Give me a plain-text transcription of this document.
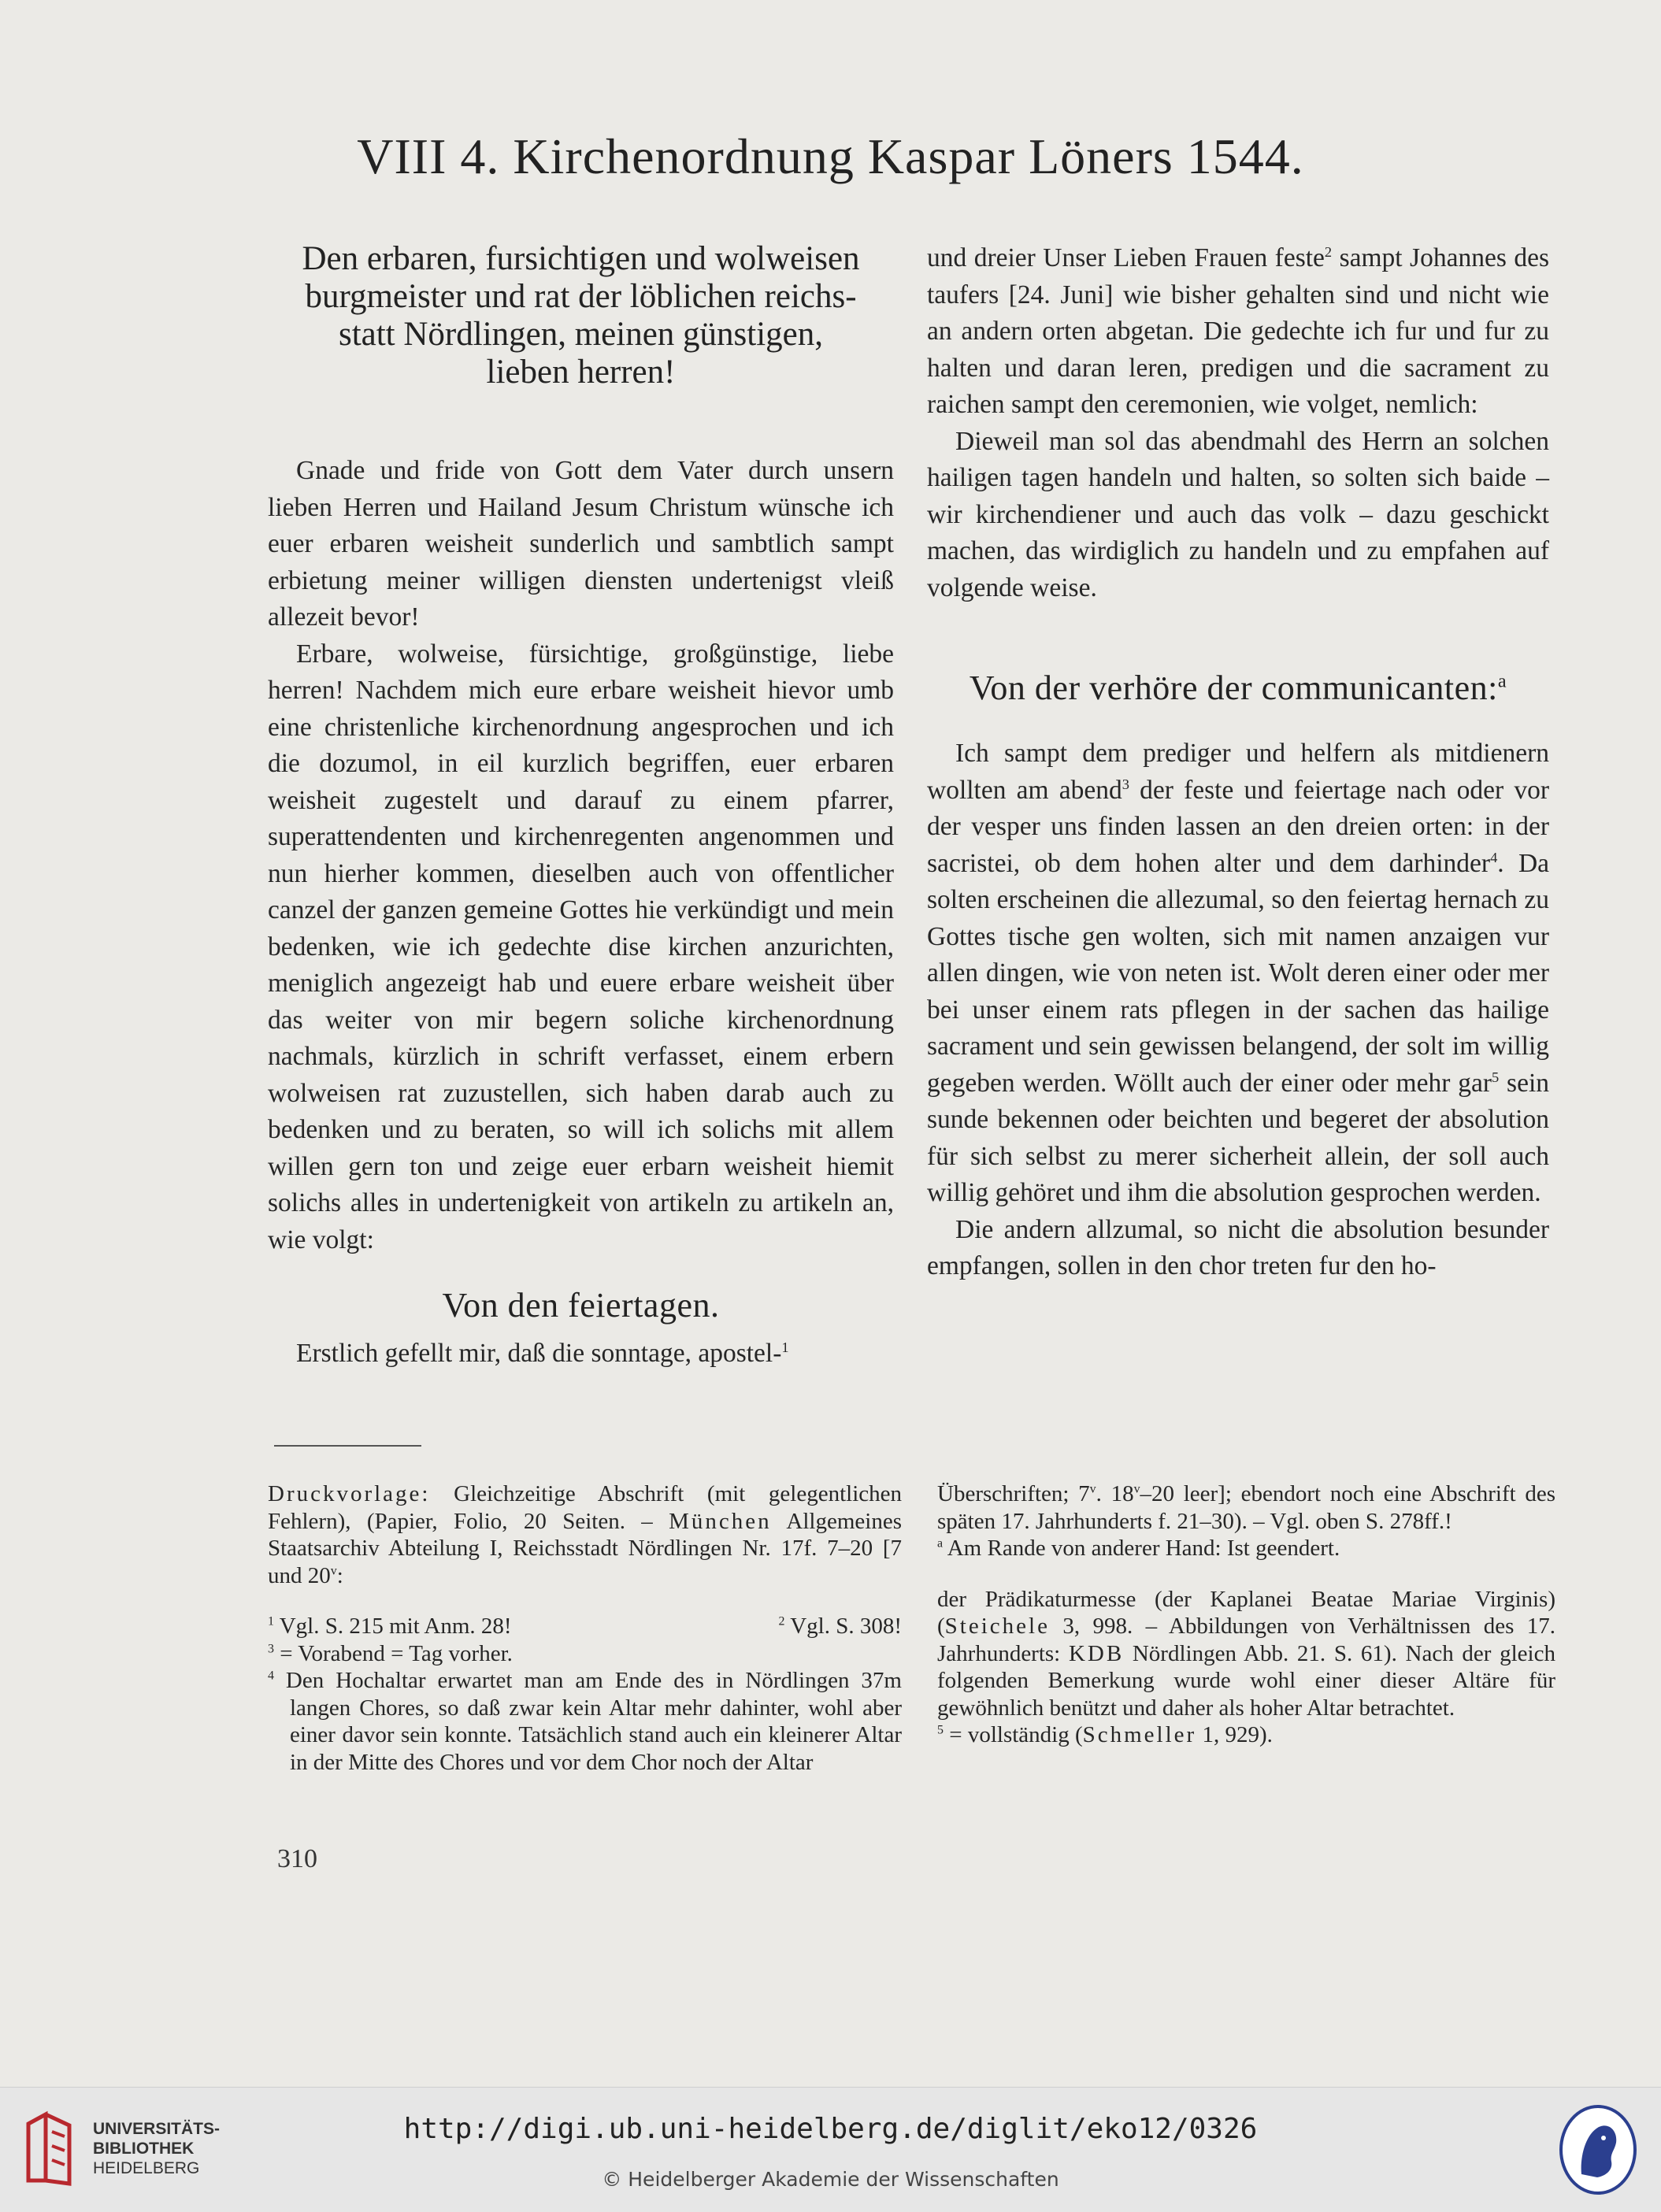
VIII 4. Kirchenordnung Kaspar Löners 1544.
Den erbaren, fursichtigen und wolweisen
burgmeister und rat der löblichen reichs-
statt Nördlingen, meinen günstigen,
lieben herren!

Gnade und fride von Gott dem Vater durch unsern lieben Herren und Hailand Jesum Christum wünsche ich euer erbaren weisheit sunderlich und sambtlich sampt erbietung meiner willigen diensten undertenigst vleiß allezeit bevor!

Erbare, wolweise, fürsichtige, großgünstige, liebe herren! Nachdem mich eure erbare weisheit hievor umb eine christenliche kirchenordnung angesprochen und ich die dozumol, in eil kurzlich begriffen, euer erbaren weisheit zugestelt und darauf zu einem pfarrer, superattendenten und kirchenregenten angenommen und nun hierher kommen, dieselben auch von offentlicher canzel der ganzen gemeine Gottes hie verkündigt und mein bedenken, wie ich gedechte dise kirchen anzurichten, meniglich angezeigt hab und euere erbare weisheit über das weiter von mir begern soliche kirchenordnung nachmals, kürzlich in schrift verfasset, einem erbern wolweisen rat zuzustellen, sich haben darab auch zu bedenken und zu beraten, so will ich solichs mit allem willen gern ton und zeige euer erbarn weisheit hiemit solichs alles in undertenigkeit von artikeln zu artikeln an, wie volgt:

Von den feiertagen.

Erstlich gefellt mir, daß die sonntage, apostel-$^1$

und dreier Unser Lieben Frauen feste$^2$ sampt Johannes des taufers [24. Juni] wie bisher gehalten sind und nicht wie an andern orten abgetan. Die gedechte ich fur und fur zu halten und daran leren, predigen und die sacrament zu raichen sampt den ceremonien, wie volget, nemlich:

Dieweil man sol das abendmahl des Herrn an solchen hailigen tagen handeln und halten, so solten sich baide – wir kirchendiener und auch das volk – dazu geschickt machen, das wirdiglich zu handeln und zu empfahen auf volgende weise.

Von der verhöre der communicanten:$^a$

Ich sampt dem prediger und helfern als mitdienern wollten am abend$^3$ der feste und feiertage nach oder vor der vesper uns finden lassen an den dreien orten: in der sacristei, ob dem hohen alter und dem darhinder$^4$. Da solten erscheinen die allezumal, so den feiertag hernach zu Gottes tische gen wolten, sich mit namen anzaigen vur allen dingen, wie von neten ist. Wolt deren einer oder mer bei unser einem rats pflegen in der sachen das hailige sacrament und sein gewissen belangend, der solt im willig gegeben werden. Wöllt auch der einer oder mehr gar$^5$ sein sunde bekennen oder beichten und begeret der absolution für sich selbst zu merer sicherheit allein, der soll auch willig gehöret und ihm die absolution gesprochen werden.

Die andern allzumal, so nicht die absolution besunder empfangen, sollen in den chor treten fur den ho-

Druckvorlage: Gleichzeitige Abschrift (mit gelegentlichen Fehlern), (Papier, Folio, 20 Seiten. – München Allgemeines Staatsarchiv Abteilung I, Reichsstadt Nördlingen Nr. 17f. 7–20 [7 und 20$^v$:

$^1$ Vgl. S. 215 mit Anm. 28!	$^2$ Vgl. S. 308!

$^3$ = Vorabend = Tag vorher.

$^4$ Den Hochaltar erwartet man am Ende des in Nördlingen 37m langen Chores, so daß zwar kein Altar mehr dahinter, wohl aber einer davor sein konnte. Tatsächlich stand auch ein kleinerer Altar in der Mitte des Chores und vor dem Chor noch der Altar

Überschriften; 7$^v$. 18$^v$–20 leer]; ebendort noch eine Abschrift des späten 17. Jahrhunderts f. 21–30). – Vgl. oben S. 278ff.!

$^a$ Am Rande von anderer Hand: Ist geendert.

der Prädikaturmesse (der Kaplanei Beatae Mariae Virginis) (Steichele 3, 998. – Abbildungen von Verhältnissen des 17. Jahrhunderts: KDB Nördlingen Abb. 21. S. 61). Nach der gleich folgenden Bemerkung wurde wohl einer dieser Altäre für gewöhnlich benützt und daher als hoher Altar betrachtet.

$^5$ = vollständig (Schmeller 1, 929).

310
UNIVERSITÄTS-
BIBLIOTHEK
HEIDELBERG
http://digi.ub.uni-heidelberg.de/diglit/eko12/0326
© Heidelberger Akademie der Wissenschaften
